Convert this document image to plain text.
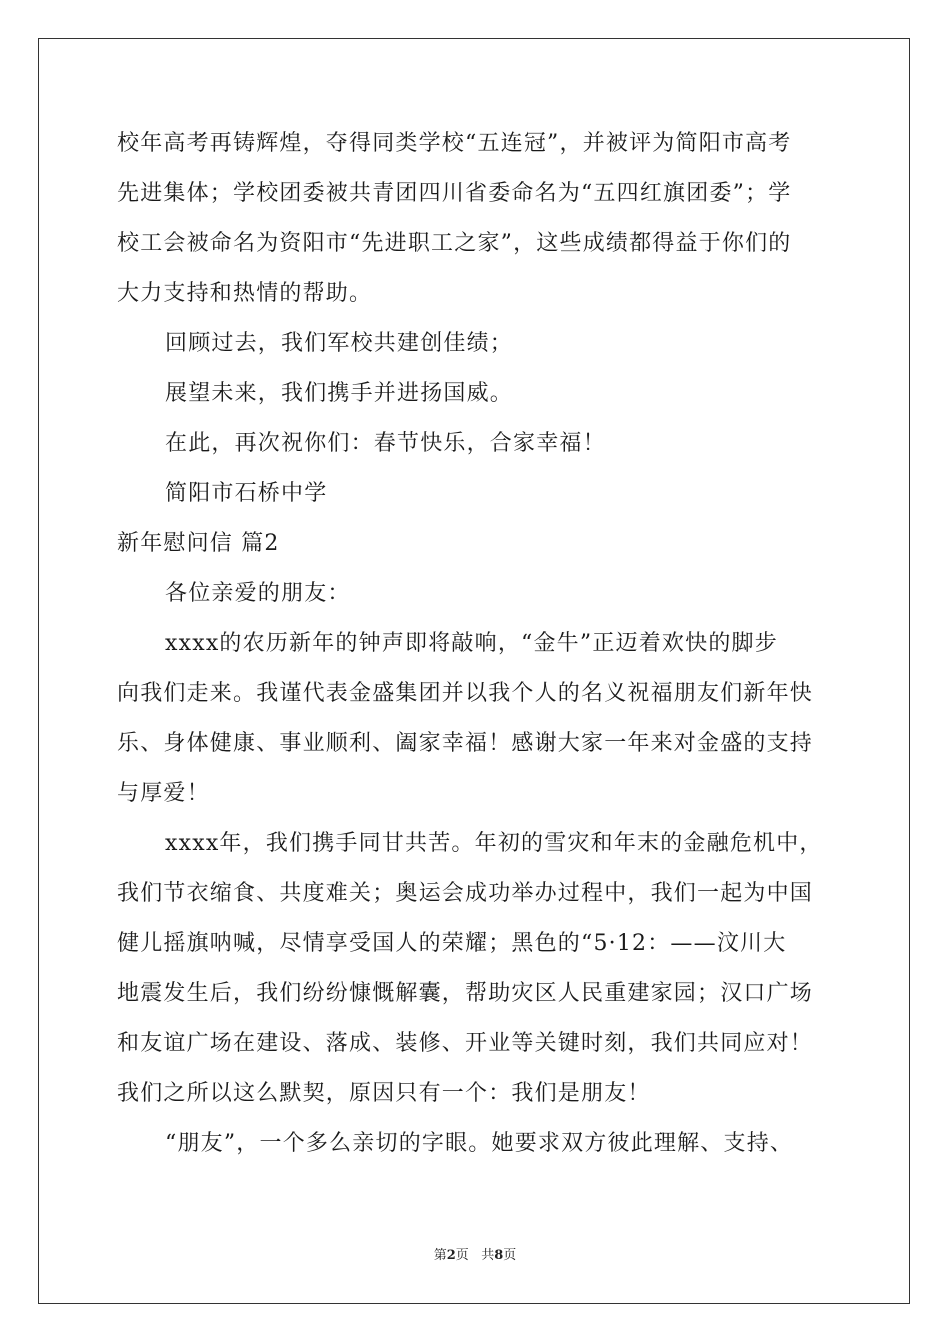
校年高考再铸辉煌，夺得同类学校“五连冠”，并被评为简阳市高考
先进集体；学校团委被共青团四川省委命名为“五四红旗团委”；学
校工会被命名为资阳市“先进职工之家”，这些成绩都得益于你们的
大力支持和热情的帮助。
回顾过去，我们军校共建创佳绩；
展望未来，我们携手并进扬国威。
在此，再次祝你们：春节快乐，合家幸福！
简阳市石桥中学
新年慰问信 篇2
各位亲爱的朋友：
xxxx的农历新年的钟声即将敲响，“金牛”正迈着欢快的脚步
向我们走来。我谨代表金盛集团并以我个人的名义祝福朋友们新年快
乐、身体健康、事业顺利、阖家幸福！感谢大家一年来对金盛的支持
与厚爱！
xxxx年，我们携手同甘共苦。年初的雪灾和年末的金融危机中，
我们节衣缩食、共度难关；奥运会成功举办过程中，我们一起为中国
健儿摇旗呐喊，尽情享受国人的荣耀；黑色的“5·12：——汶川大
地震发生后，我们纷纷慷慨解囊，帮助灾区人民重建家园；汉口广场
和友谊广场在建设、落成、装修、开业等关键时刻，我们共同应对！
我们之所以这么默契，原因只有一个：我们是朋友！
“朋友”，一个多么亲切的字眼。她要求双方彼此理解、支持、
第2页 共8页
